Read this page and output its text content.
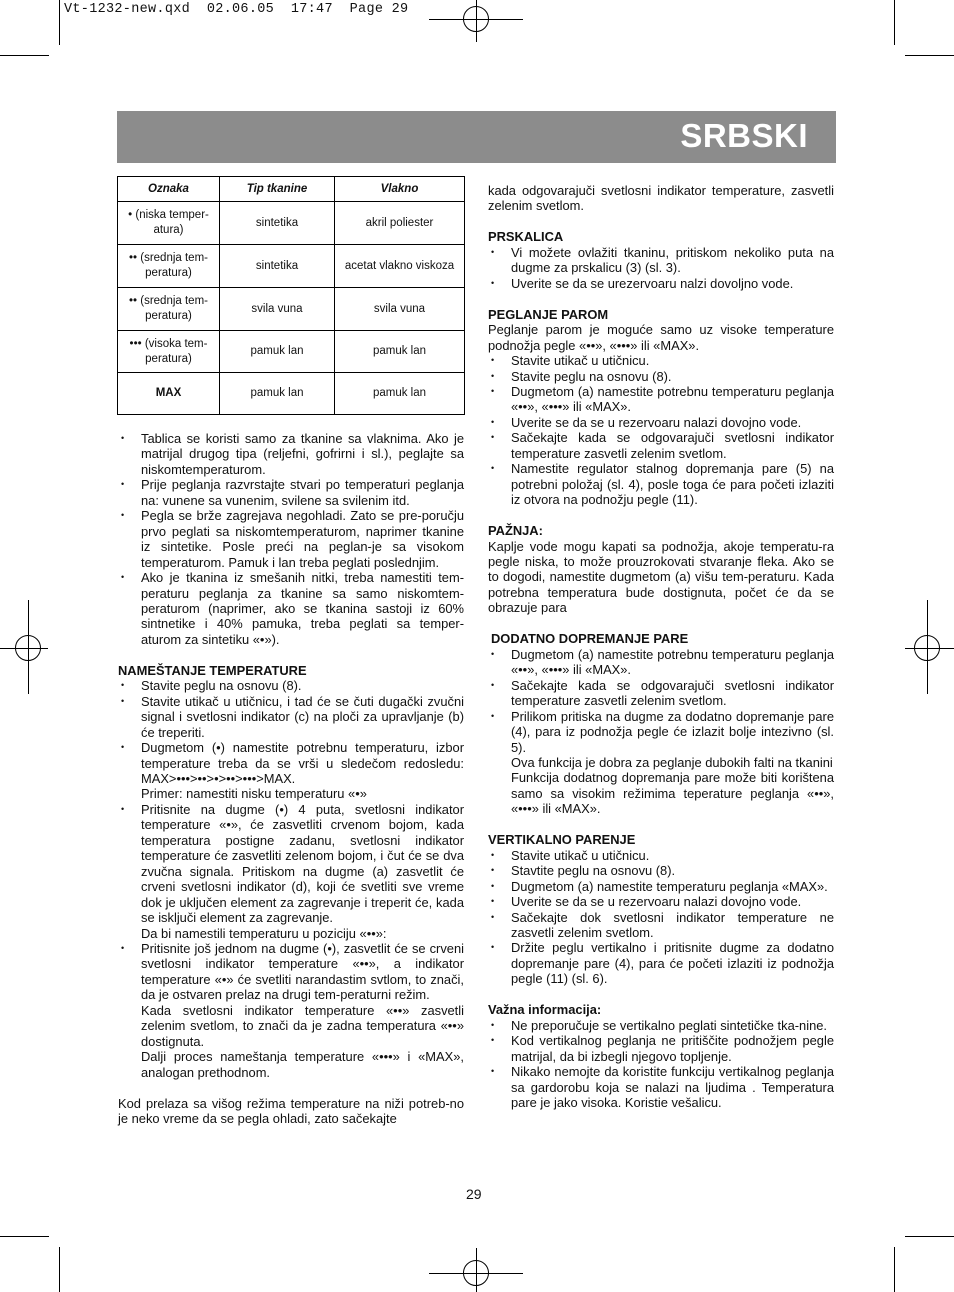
Vt-1232-new.qxd  02.06.05  17:47  Page 29
SRBSKI
Oznaka	Tip tkanine	Vlakno
• (niska temper-atura)	sintetika	akril poliester
•• (srednja tem-peratura)	sintetika	acetat vlakno viskoza
•• (srednja tem-peratura)	svila vuna	svila vuna
••• (visoka tem-peratura)	pamuk lan	pamuk lan
MAX	pamuk lan	pamuk lan
• Tablica se koristi samo za tkanine sa vlaknima. Ako je matrijal drugog tipa (reljefni, gofrirni i sl.), peglajte sa niskomtemperaturom.
• Prije peglanja razvrstajte stvari po temperaturi peglanja na: vunene sa vunenim, svilene sa svilenim itd.
• Pegla se brže zagrejava negohladi. Zato se pre-poručju prvo peglati sa niskomtemperaturom, naprimer tkanine iz sintetike. Posle preći na peglan-je sa visokom temperaturom. Pamuk i lan treba peglati poslednjim.
• Ako je tkanina iz smešanih nitki, treba namestiti tem-peraturu peglanja za tkanine sa samo niskomtem-peraturom (naprimer, ako se tkanina sastoji iz 60% sintnetike i 40% pamuka, treba peglati sa temper-aturom za sintetiku «•»).

NAMEŠTANJE TEMPERATURE

• Stavite peglu na osnovu (8).
• Stavite utikač u utičnicu, i tad će se čuti dugački zvučni signal i svetlosni indikator (c) na ploči za upravljanje (b) će treperiti.
• Dugmetom (•) namestite potrebnu temperaturu, izbor temperature treba da se vrši u sledečom redosledu: MAX>•••>••>•>••>•••>MAX.
Primer: namestiti nisku temperaturu «•»
• Pritisnite na dugme (•) 4 puta, svetlosni indikator temperature «•», će zasvetliti crvenom bojom, kada temperatura postigne zadanu, svetlosni indikator temperature će zasvetliti zelenom bojom, i čut će se dva zvučna signala. Pritiskom na dugme (a) zasvetlit će crveni svetlosni indikator (d), koji će svetliti sve vreme dok je uključen element za zagrevanje i treperit će, kada se isključi element za zagrevanje.
Da bi namestili temperaturu u poziciju «••»:
• Pritisnite još jednom na dugme (•), zasvetlit će se crveni svetlosni indikator temperature «••», a indikator temperature «•» će svetliti narandastim svtlom, to znači, da je ostvaren prelaz na drugi tem-peraturni režim.
Kada svetlosni indikator temperature «••» zasvetli zelenim svetlom, to znači da je zadna temperatura «••» dostignuta.
Dalji proces nameštanja temperature «•••» i «MAX», analogan prethodnom.

Kod prelaza sa višog režima temperature na niži potreb-no je neko vreme da se pegla ohladi, zato sačekajte

kada odgovarajuči svetlosni indikator temperature, zasvetli zelenim svetlom.

PRSKALICA

• Vi možete ovlažiti tkaninu, pritiskom nekoliko puta na dugme za prskalicu (3) (sl. 3).
• Uverite se da se urezervoaru nalzi dovoljno vode.

PEGLANJE PAROM

Peglanje parom je moguće samo uz visoke temperature podnožja pegle «••», «•••» ili «MAX».

• Stavite utikač u utičnicu.
• Stavite peglu na osnovu (8).
• Dugmetom (a) namestite potrebnu temperaturu peglanja «••», «•••» ili «MAX».
• Uverite se da se u rezervoaru nalazi dovojno vode.
• Sačekajte kada se odgovarajuči svetlosni indikator temperature zasvetli zelenim svetlom.
• Namestite regulator stalnog dopremanja pare (5) na potrebni položaj (sl. 4), posle toga će para početi izlaziti iz otvora na podnožju pegle (11).

PAŽNJA:

Kaplje vode mogu kapati sa podnožja, akoje temperatu-ra pegle niska, to može prouzrokovati stvaranje fleka. Ako se to dogodi, namestite dugmetom (a) višu tem-peraturu. Kada potrebna temperatura bude dostignuta, počet će da se obrazuje para

DODATNO DOPREMANJE PARE

• Dugmetom (a) namestite potrebnu temperaturu peglanja «••», «•••» ili «MAX».
• Sačekajte kada se odgovarajuči svetlosni indikator temperature zasvetli zelenim svetlom.
• Prilikom pritiska na dugme za dodatno dopremanje pare (4), para iz podnožja pegle će izlazit bolje intezivno (sl. 5).
Ova funkcija je dobra za peglanje dubokih falti na tkanini
Funkcija dodatnog dopremanja pare može biti korištena samo sa visokim režimima teperature peglanja «••», «•••» ili «MAX».

VERTIKALNO PARENJE

• Stavite utikač u utičnicu.
• Stavtite peglu na osnovu (8).
• Dugmetom (a) namestite temperaturu peglanja «MAX».
• Uverite se da se u rezervoaru nalazi dovojno vode.
• Sačekajte dok svetlosni indikator temperature ne zasvetli zelenim svetlom.
• Držite peglu vertikalno i pritisnite dugme za dodatno dopremanje pare (4), para će početi izlaziti iz podnožja pegle (11) (sl. 6).

Važna informacija:

• Ne preporučuje se vertikalno peglati sintetičke tka-nine.
• Kod vertikalnog peglanja ne pritiščite podnožjem pegle matrijal, da bi izbegli njegovo topljenje.
• Nikako nemojte da koristite funkciju vertikalnog peglanja sa gardorobu koja se nalazi na ljudima . Temperatura pare je jako visoka. Koristie vešalicu.
29
